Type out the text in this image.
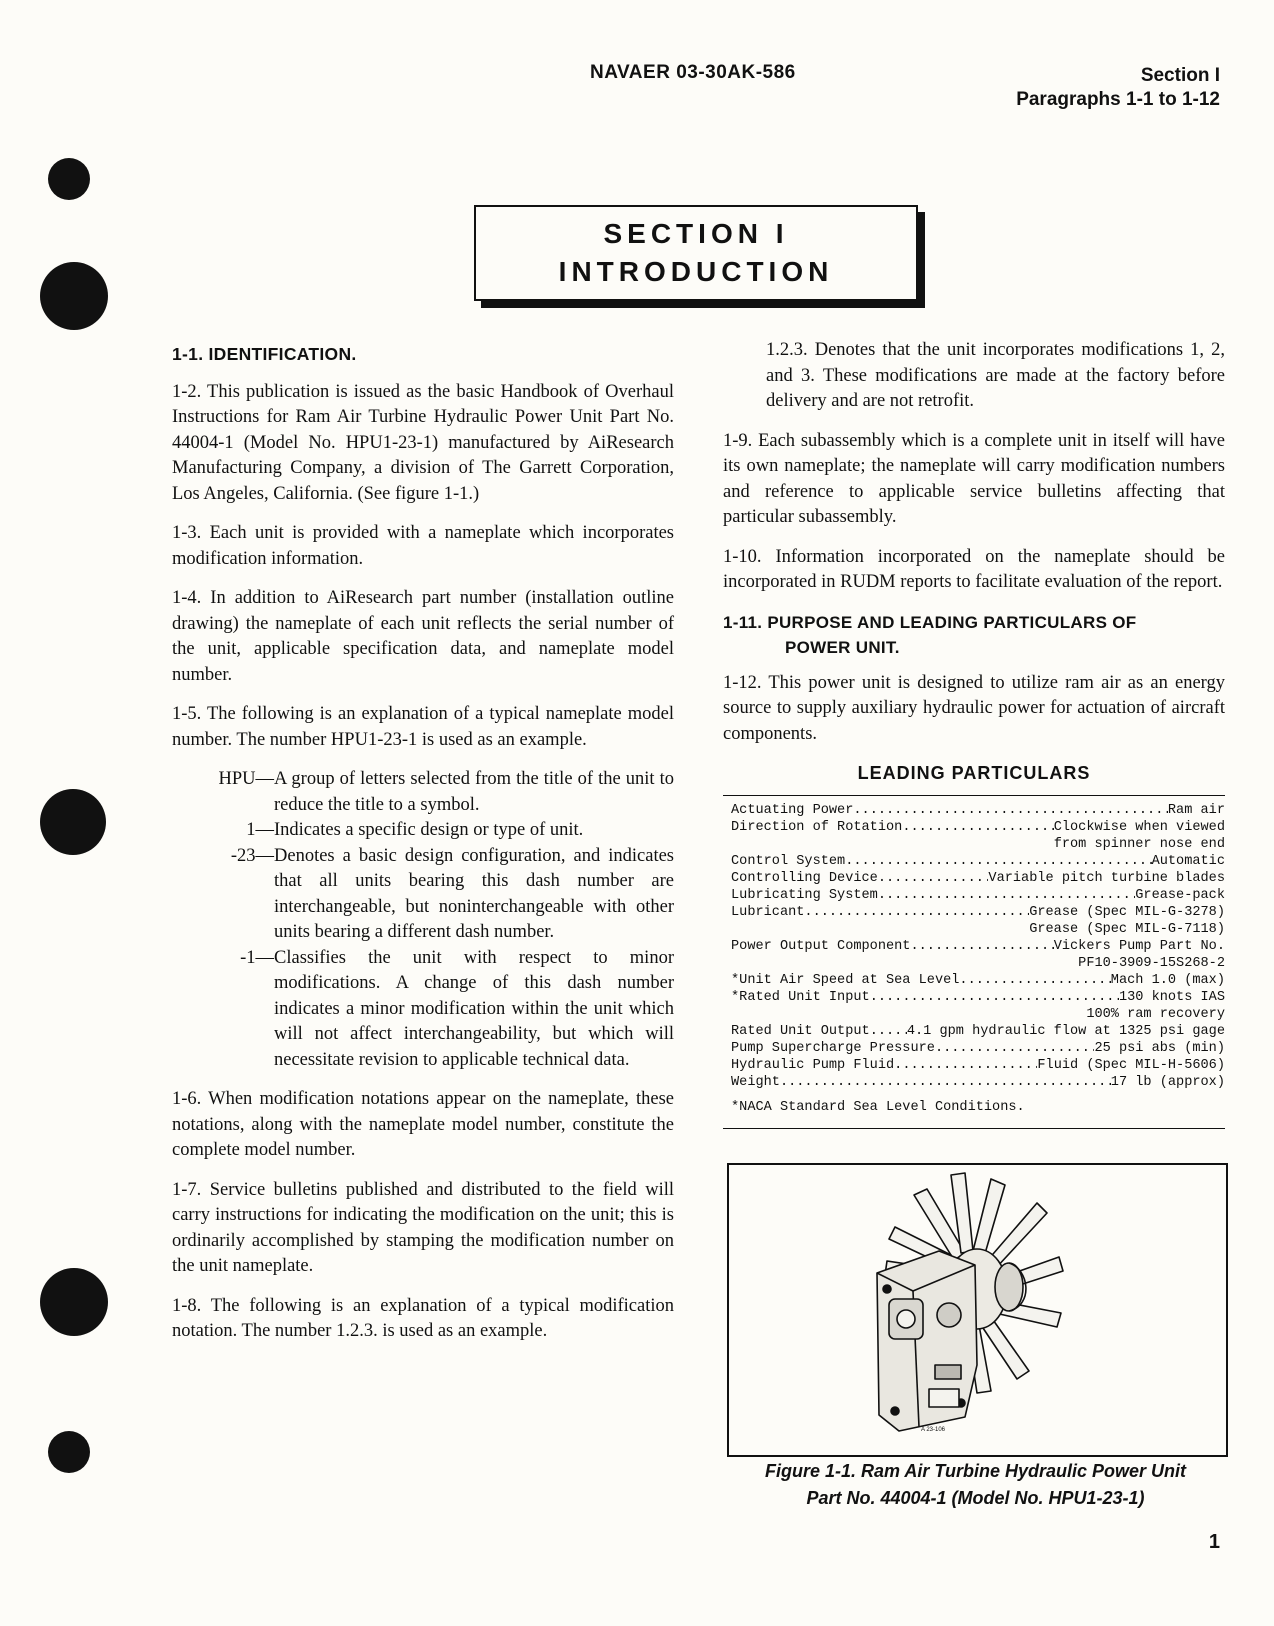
NAVAER 03-30AK-586	Section I
Paragraphs 1-1 to 1-12
SECTION I
INTRODUCTION
1-1. IDENTIFICATION.

1-2. This publication is issued as the basic Handbook of Overhaul Instructions for Ram Air Turbine Hydraulic Power Unit Part No. 44004-1 (Model No. HPU1-23-1) manufactured by AiResearch Manufacturing Company, a division of The Garrett Corporation, Los Angeles, California. (See figure 1-1.)

1-3. Each unit is provided with a nameplate which incorporates modification information.

1-4. In addition to AiResearch part number (installation outline drawing) the nameplate of each unit reflects the serial number of the unit, applicable specification data, and nameplate model number.

1-5. The following is an explanation of a typical nameplate model number. The number HPU1-23-1 is used as an example.

HPU— A group of letters selected from the title of the unit to reduce the title to a symbol.
1— Indicates a specific design or type of unit.
-23— Denotes a basic design configuration, and indicates that all units bearing this dash number are interchangeable, but noninterchangeable with other units bearing a different dash number.
-1— Classifies the unit with respect to minor modifications. A change of this dash number indicates a minor modification within the unit which will not affect interchangeability, but which will necessitate revision to applicable technical data.

1-6. When modification notations appear on the nameplate, these notations, along with the nameplate model number, constitute the complete model number.

1-7. Service bulletins published and distributed to the field will carry instructions for indicating the modification on the unit; this is ordinarily accomplished by stamping the modification number on the unit nameplate.

1-8. The following is an explanation of a typical modification notation. The number 1.2.3. is used as an example.

1.2.3. Denotes that the unit incorporates modifications 1, 2, and 3. These modifications are made at the factory before delivery and are not retrofit.

1-9. Each subassembly which is a complete unit in itself will have its own nameplate; the nameplate will carry modification numbers and reference to applicable service bulletins affecting that particular subassembly.

1-10. Information incorporated on the nameplate should be incorporated in RUDM reports to facilitate evaluation of the report.

1-11. PURPOSE AND LEADING PARTICULARS OF
POWER UNIT.

1-12. This power unit is designed to utilize ram air as an energy source to supply auxiliary hydraulic power for actuation of aircraft components.

LEADING PARTICULARS
Actuating Power .....	Ram air
Direction of Rotation .....	Clockwise when viewed
from spinner nose end
Control System .....	Automatic
Controlling Device .....	Variable pitch turbine blades
Lubricating System .....	Grease-pack
Lubricant .....	Grease (Spec MIL-G-3278)
Grease (Spec MIL-G-7118)
Power Output Component .....	Vickers Pump Part No.
PF10-3909-15S268-2
*Unit Air Speed at Sea Level .....	Mach 1.0 (max)
*Rated Unit Input .....	130 knots IAS
100% ram recovery
Rated Unit Output .....	4.1 gpm hydraulic flow at 1325 psi gage
Pump Supercharge Pressure .....	25 psi abs (min)
Hydraulic Pump Fluid .....	Fluid (Spec MIL-H-5606)
Weight .....	17 lb (approx)
*NACA Standard Sea Level Conditions.
A 23-106
Figure 1-1. Ram Air Turbine Hydraulic Power Unit
Part No. 44004-1 (Model No. HPU1-23-1)
1
